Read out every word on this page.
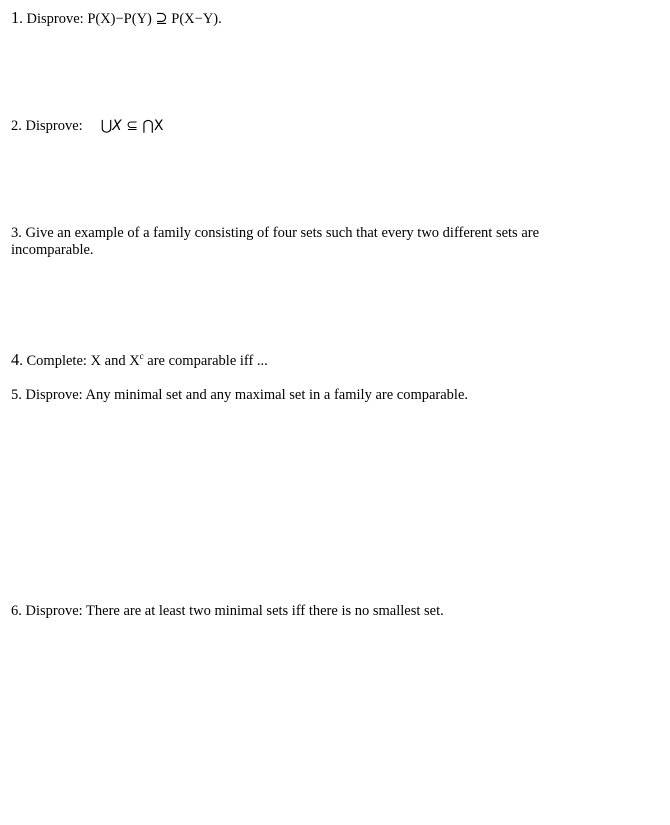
1. Disprove: P(X)−P(Y) ⊇ P(X−Y).
2. Disprove: ⋃X ⊆ ⋂X
3. Give an example of a family consisting of four sets such that every two different sets are incomparable.
4. Complete: X and $X^c$ are comparable iff ...
5. Disprove: Any minimal set and any maximal set in a family are comparable.
6. Disprove: There are at least two minimal sets iff there is no smallest set.
